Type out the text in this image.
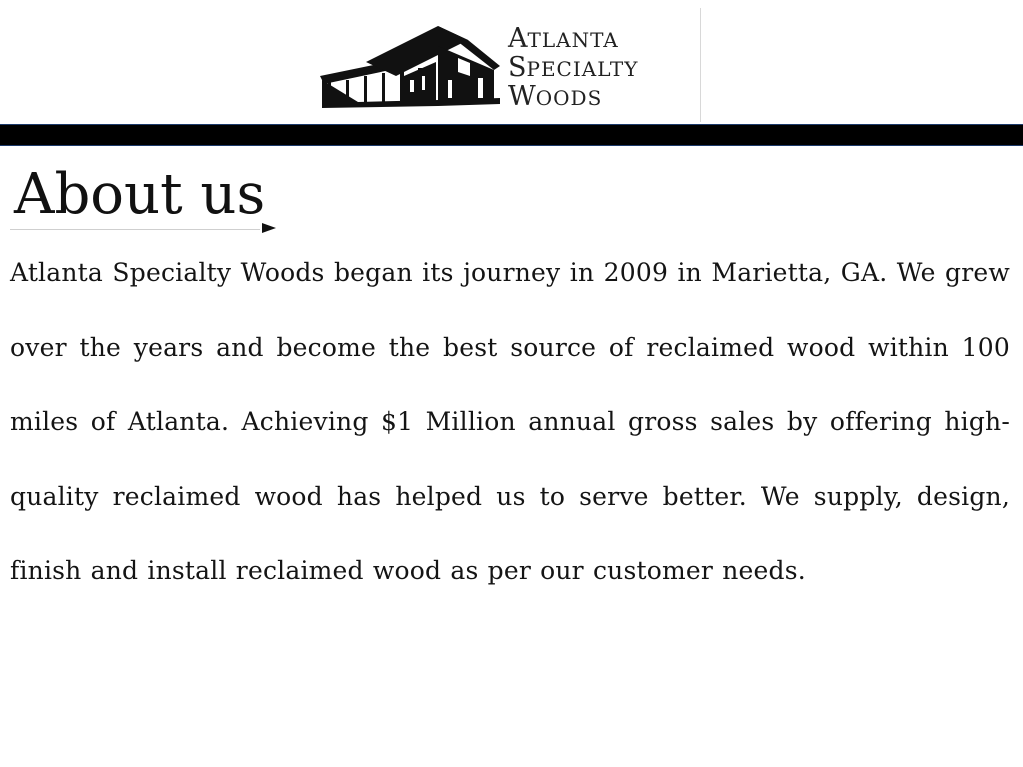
ATLANTA
SPECIALTY
WOODS
About us

Atlanta Specialty Woods began its journey in 2009 in Marietta, GA. We grew over the years and become the best source of reclaimed wood within 100 miles of Atlanta. Achieving $1 Million annual gross sales by offering high-quality reclaimed wood has helped us to serve better. We supply, design, finish and install reclaimed wood as per our customer needs.
